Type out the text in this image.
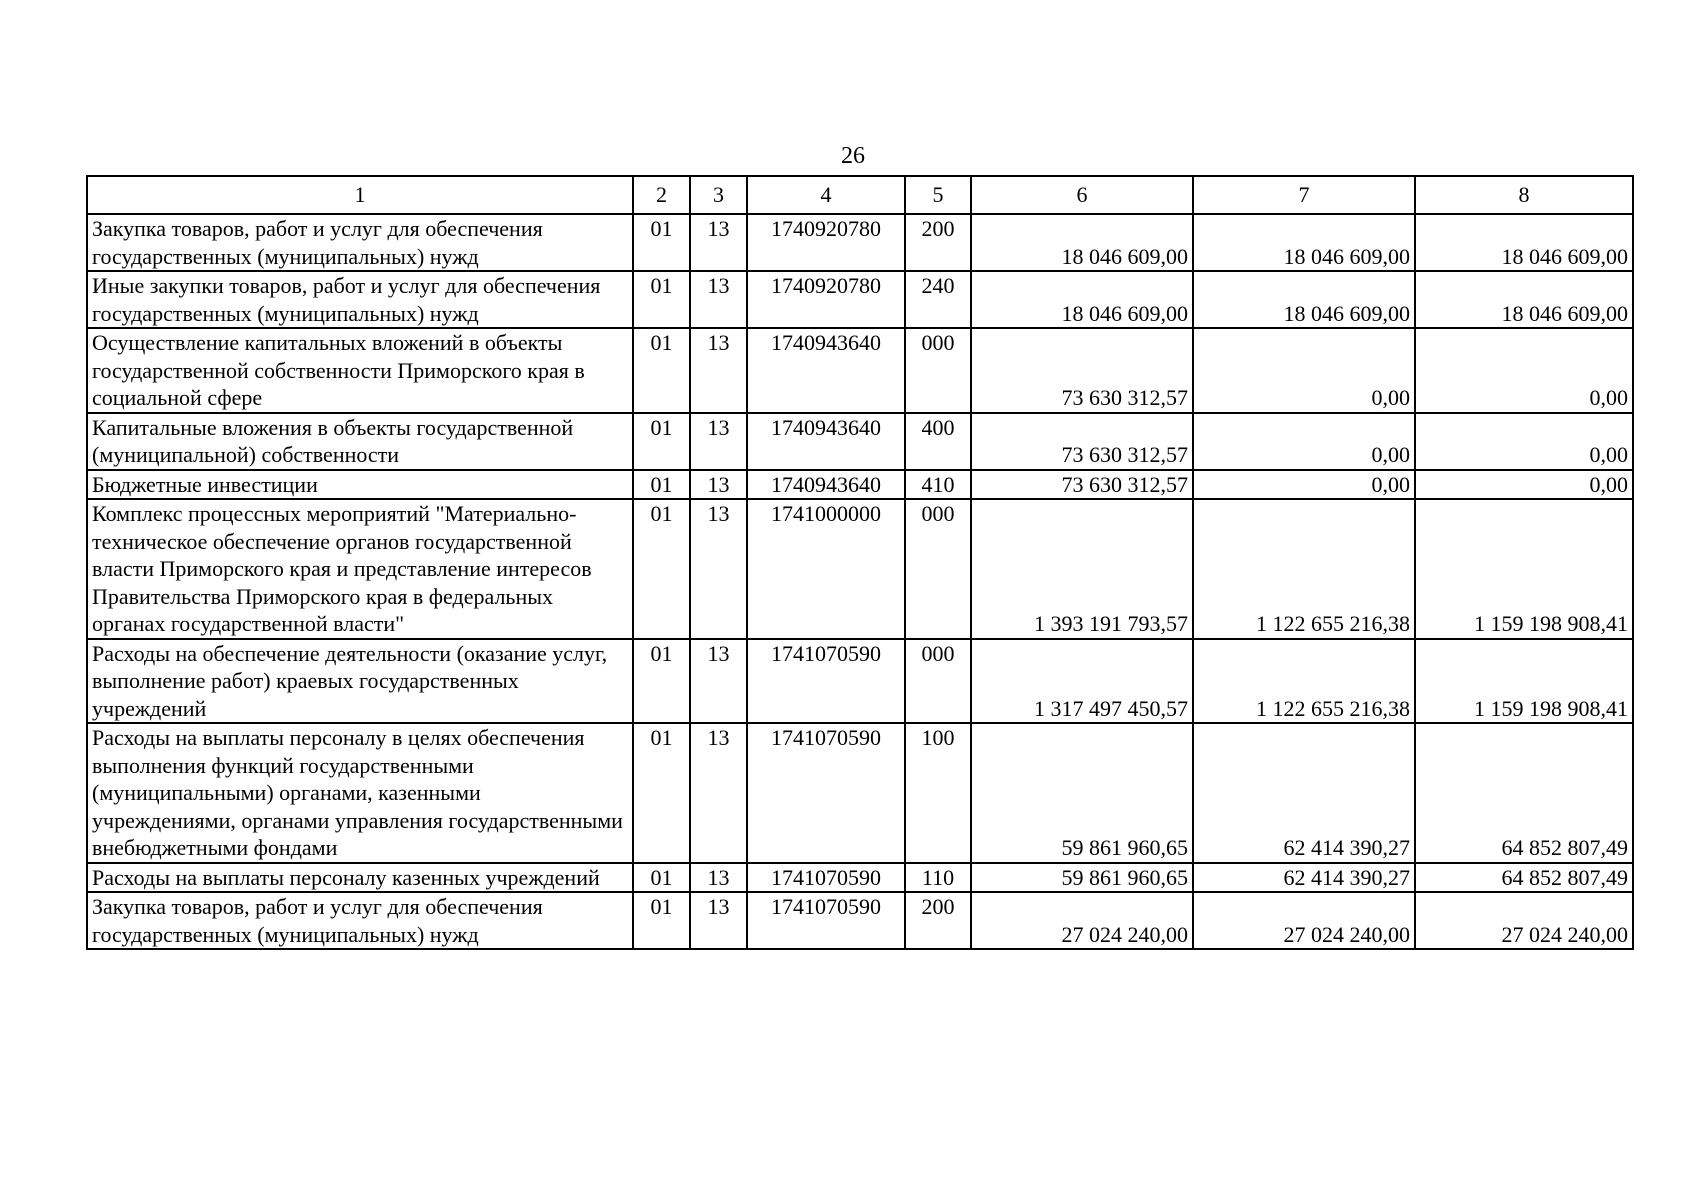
26
1	2	3	4	5	6	7	8
Закупка товаров, работ и услуг для обеспечения государственных (муниципальных) нужд	01	13	1740920780	200	18 046 609,00	18 046 609,00	18 046 609,00
Иные закупки товаров, работ и услуг для обеспечения государственных (муниципальных) нужд	01	13	1740920780	240	18 046 609,00	18 046 609,00	18 046 609,00
Осуществление капитальных вложений в объекты государственной собственности Приморского края в социальной сфере	01	13	1740943640	000	73 630 312,57	0,00	0,00
Капитальные вложения в объекты государственной (муниципальной) собственности	01	13	1740943640	400	73 630 312,57	0,00	0,00
Бюджетные инвестиции	01	13	1740943640	410	73 630 312,57	0,00	0,00
Комплекс процессных мероприятий "Материально-техническое обеспечение органов государственной власти Приморского края и представление интересов Правительства Приморского края в федеральных органах государственной власти"	01	13	1741000000	000	1 393 191 793,57	1 122 655 216,38	1 159 198 908,41
Расходы на обеспечение деятельности (оказание услуг, выполнение работ) краевых государственных учреждений	01	13	1741070590	000	1 317 497 450,57	1 122 655 216,38	1 159 198 908,41
Расходы на выплаты персоналу в целях обеспечения выполнения функций государственными (муниципальными) органами, казенными учреждениями, органами управления государственными внебюджетными фондами	01	13	1741070590	100	59 861 960,65	62 414 390,27	64 852 807,49
Расходы на выплаты персоналу казенных учреждений	01	13	1741070590	110	59 861 960,65	62 414 390,27	64 852 807,49
Закупка товаров, работ и услуг для обеспечения государственных (муниципальных) нужд	01	13	1741070590	200	27 024 240,00	27 024 240,00	27 024 240,00
